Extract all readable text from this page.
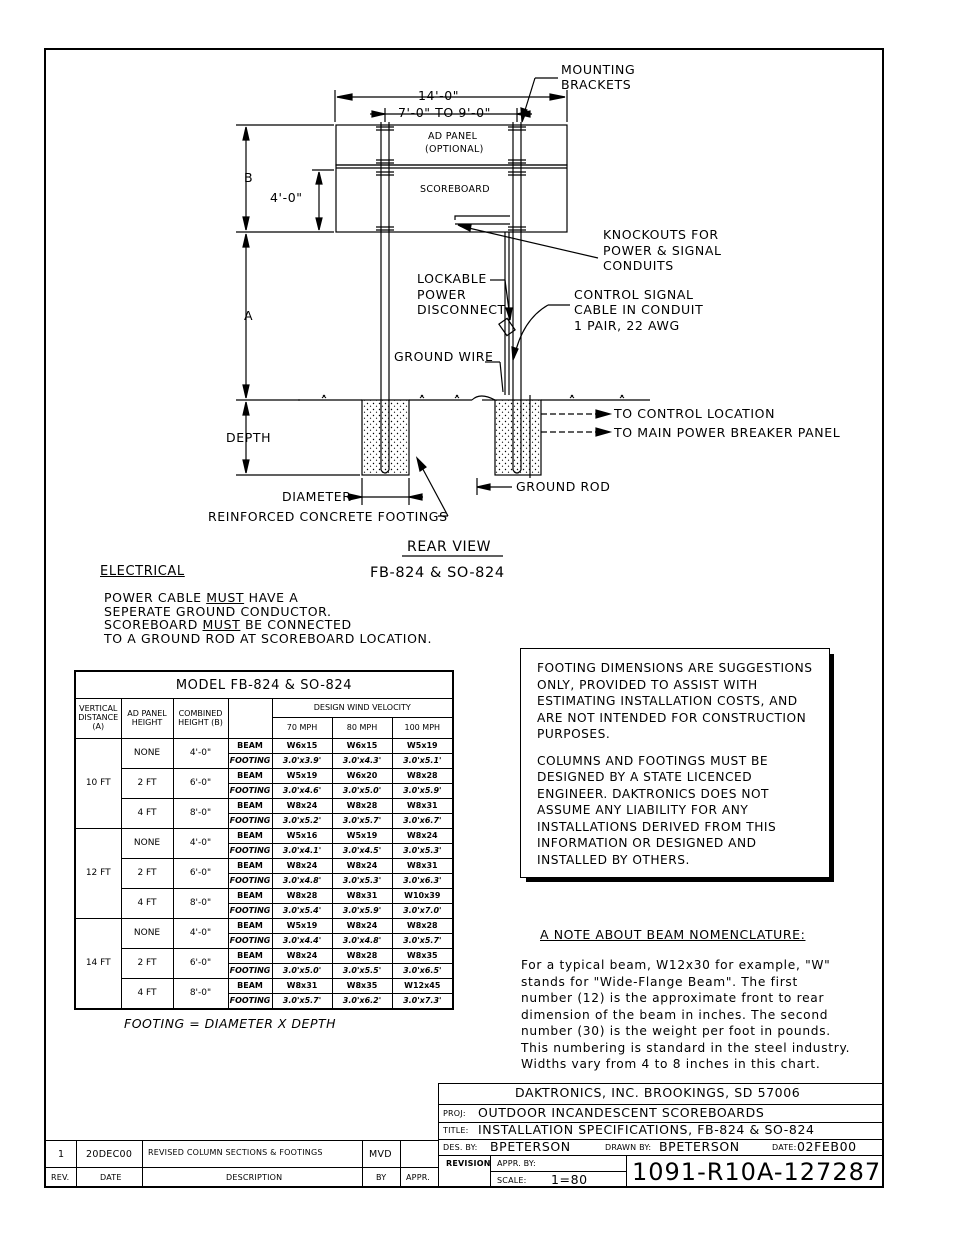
14'-0"
7'-0" TO 9'-0"
MOUNTING
BRACKETS
AD PANEL
(OPTIONAL)
SCOREBOARD
B
4'-0"
A
DEPTH
KNOCKOUTS FOR
POWER & SIGNAL
CONDUITS
LOCKABLE
POWER
DISCONNECT
CONTROL SIGNAL
CABLE IN CONDUIT
1 PAIR, 22 AWG
GROUND WIRE
TO CONTROL LOCATION
TO MAIN POWER BREAKER PANEL
GROUND ROD
DIAMETER
REINFORCED CONCRETE FOOTINGS
REAR VIEW
FB-824 & SO-824
ELECTRICAL
POWER CABLE MUST HAVE A
SEPERATE GROUND CONDUCTOR.
SCOREBOARD MUST BE CONNECTED
TO A GROUND ROD AT SCOREBOARD LOCATION.
MODEL FB-824 & SO-824						
VERTICAL DISTANCE (A)	AD PANEL HEIGHT	COMBINED HEIGHT (B)		DESIGN WIND VELOCITY		
				70 MPH	80 MPH	100 MPH
10 FT	NONE	4'-0"	BEAM	W6x15	W6x15	W5x19
			FOOTING	3.0'x3.9'	3.0'x4.3'	3.0'x5.1'
	2 FT	6'-0"	BEAM	W5x19	W6x20	W8x28
			FOOTING	3.0'x4.6'	3.0'x5.0'	3.0'x5.9'
	4 FT	8'-0"	BEAM	W8x24	W8x28	W8x31
			FOOTING	3.0'x5.2'	3.0'x5.7'	3.0'x6.7'
12 FT	NONE	4'-0"	BEAM	W5x16	W5x19	W8x24
			FOOTING	3.0'x4.1'	3.0'x4.5'	3.0'x5.3'
	2 FT	6'-0"	BEAM	W8x24	W8x24	W8x31
			FOOTING	3.0'x4.8'	3.0'x5.3'	3.0'x6.3'
	4 FT	8'-0"	BEAM	W8x28	W8x31	W10x39
			FOOTING	3.0'x5.4'	3.0'x5.9'	3.0'x7.0'
14 FT	NONE	4'-0"	BEAM	W5x19	W8x24	W8x28
			FOOTING	3.0'x4.4'	3.0'x4.8'	3.0'x5.7'
	2 FT	6'-0"	BEAM	W8x24	W8x28	W8x35
			FOOTING	3.0'x5.0'	3.0'x5.5'	3.0'x6.5'
	4 FT	8'-0"	BEAM	W8x31	W8x35	W12x45
			FOOTING	3.0'x5.7'	3.0'x6.2'	3.0'x7.3'
FOOTING = DIAMETER X DEPTH
FOOTING DIMENSIONS ARE SUGGESTIONS
ONLY, PROVIDED TO ASSIST WITH
ESTIMATING INSTALLATION COSTS, AND
ARE NOT INTENDED FOR CONSTRUCTION
PURPOSES.
COLUMNS AND FOOTINGS MUST BE
DESIGNED BY A STATE LICENCED
ENGINEER. DAKTRONICS DOES NOT
ASSUME ANY LIABILITY FOR ANY
INSTALLATIONS DERIVED FROM THIS
INFORMATION OR DESIGNED AND
INSTALLED BY OTHERS.
A NOTE ABOUT BEAM NOMENCLATURE:
For a typical beam, W12x30 for example, "W"
stands for "Wide-Flange Beam". The first
number (12) is the approximate front to rear
dimension of the beam in inches. The second
number (30) is the weight per foot in pounds.
This numbering is standard in the steel industry.
Widths vary from 4 to 8 inches in this chart.
DAKTRONICS, INC. BROOKINGS, SD 57006
PROJ: OUTDOOR INCANDESCENT SCOREBOARDS
TITLE: INSTALLATION SPECIFICATIONS, FB-824 & SO-824
DES. BY: BPETERSON	DRAWN BY: BPETERSON	DATE: 02FEB00
REVISION APPR. BY:
SCALE: 1=80 1091-R10A-127287
1 20DEC00 REVISED COLUMN SECTIONS & FOOTINGS	MVD
REV.	DATE	DESCRIPTION	BY APPR.
